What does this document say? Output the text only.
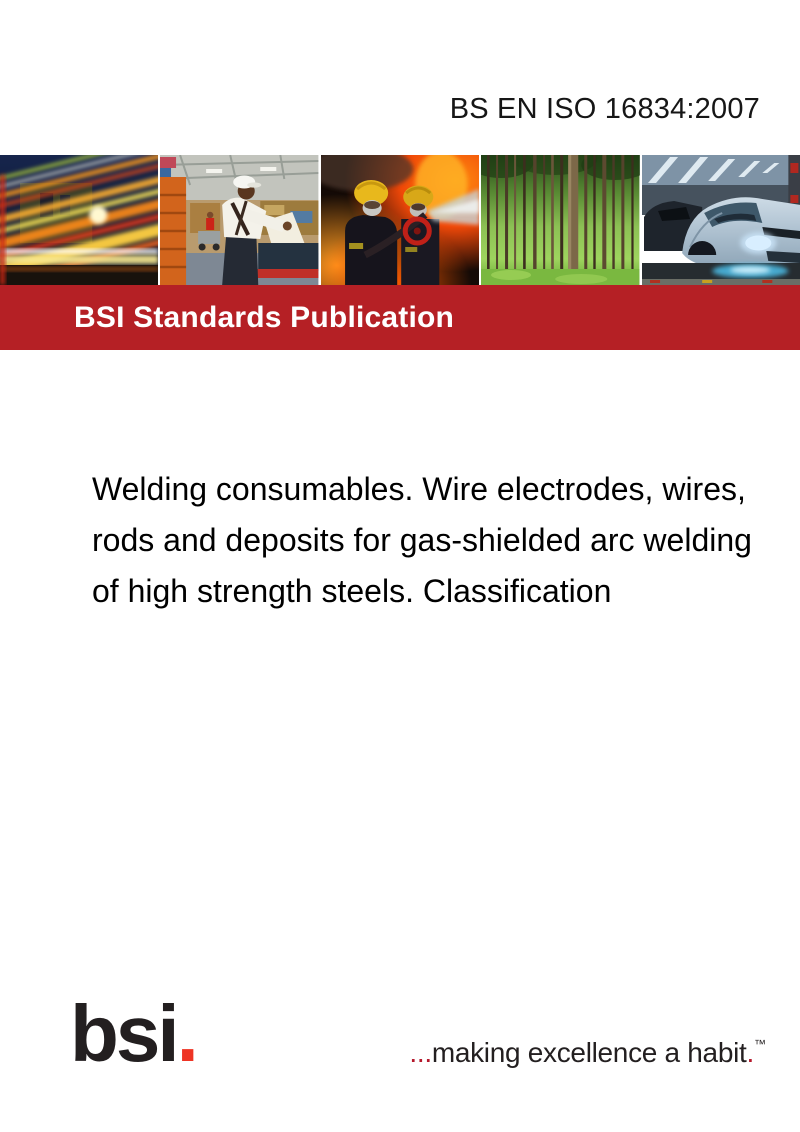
BS EN ISO 16834:2007
BSI Standards Publication
Welding consumables. Wire electrodes, wires,
rods and deposits for gas-shielded arc welding
of high strength steels. Classification
bsi.	...making excellence a habit.™
